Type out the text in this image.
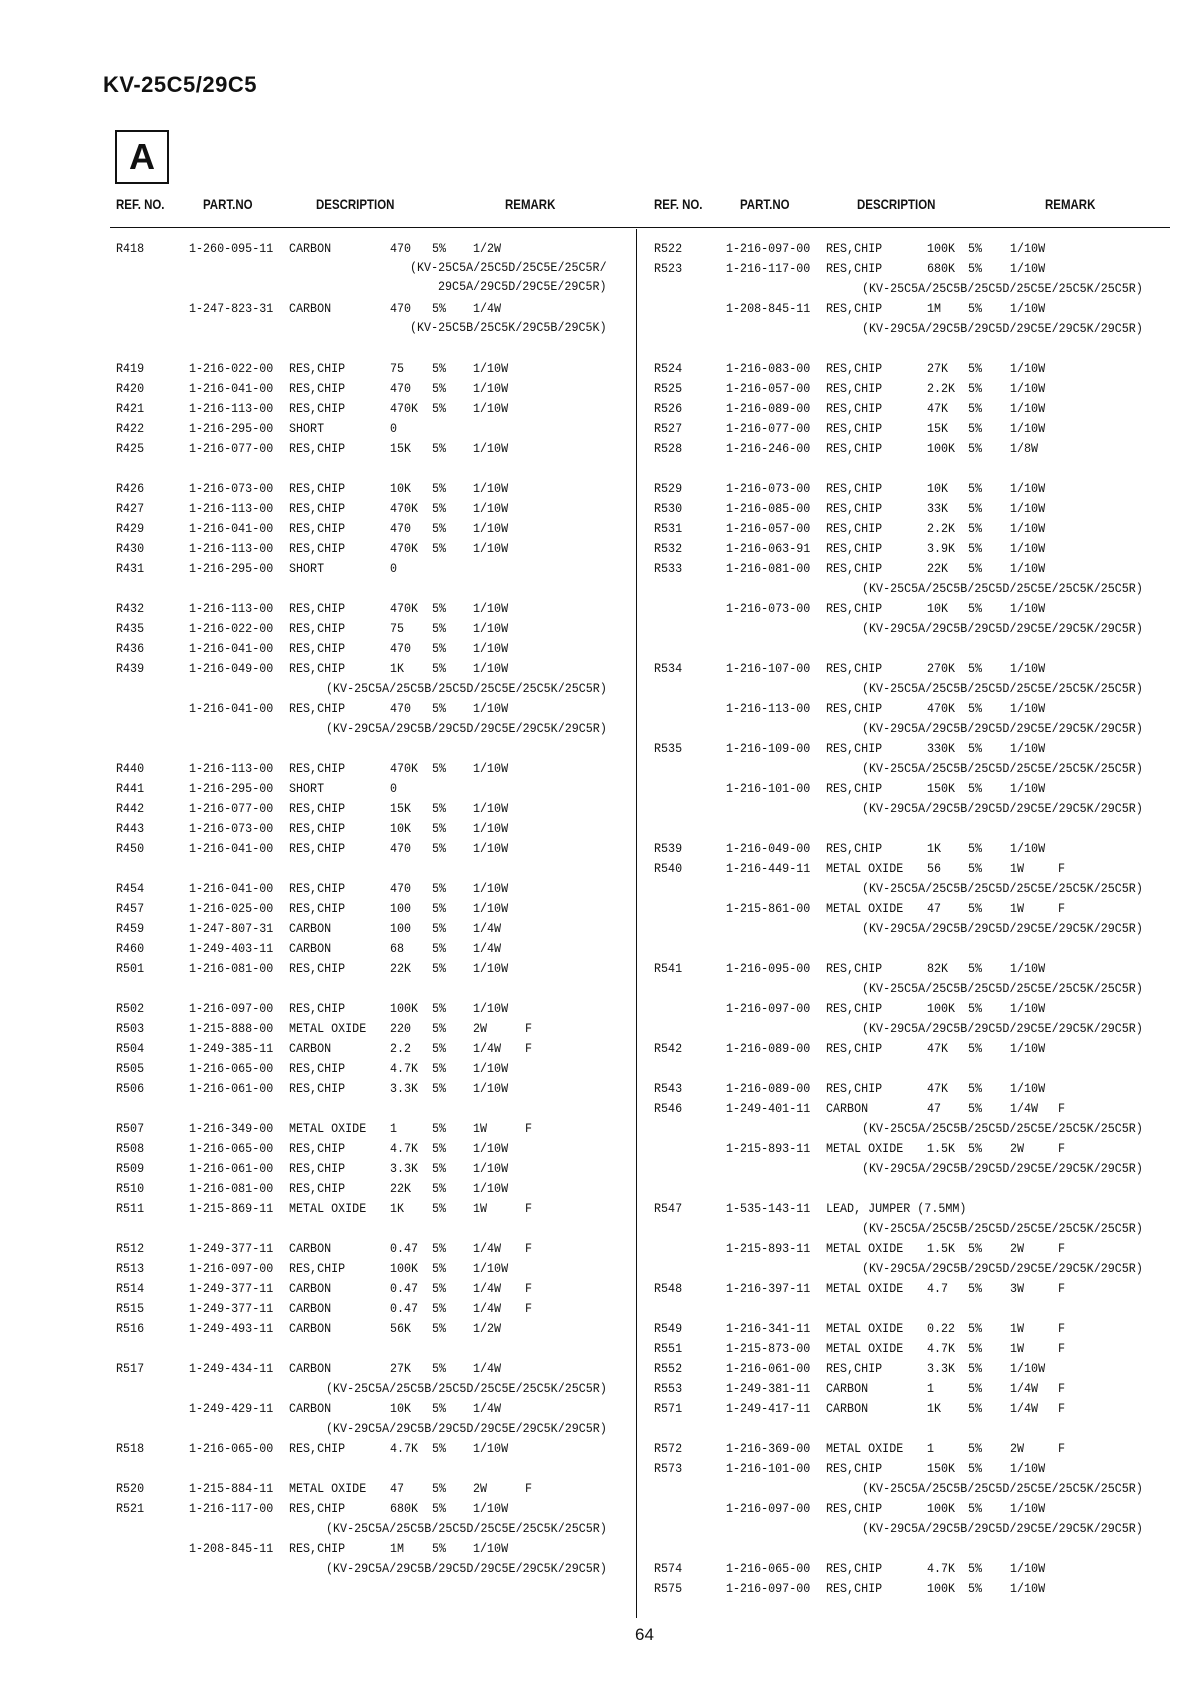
KV-25C5/29C5
A
REF. NO.	PART.NO	DESCRIPTION	REMARK	REF. NO.	PART.NO	DESCRIPTION	REMARK
R418	1-260-095-11 CARBON	470 5% 1/2W
(KV-25C5A/25C5D/25C5E/25C5R/
29C5A/29C5D/29C5E/29C5R)
1-247-823-31 CARBON	470 5% 1/4W
(KV-25C5B/25C5K/29C5B/29C5K)
R419	1-216-022-00 RES,CHIP	75 5% 1/10W
R420	1-216-041-00 RES,CHIP	470 5% 1/10W
R421	1-216-113-00 RES,CHIP	470K 5% 1/10W
R422	1-216-295-00 SHORT	0
R425	1-216-077-00 RES,CHIP	15K 5% 1/10W
R426	1-216-073-00 RES,CHIP	10K 5% 1/10W
R427	1-216-113-00 RES,CHIP	470K 5% 1/10W
R429	1-216-041-00 RES,CHIP	470 5% 1/10W
R430	1-216-113-00 RES,CHIP	470K 5% 1/10W
R431	1-216-295-00 SHORT	0
R432	1-216-113-00 RES,CHIP	470K 5% 1/10W
R435	1-216-022-00 RES,CHIP	75 5% 1/10W
R436	1-216-041-00 RES,CHIP	470 5% 1/10W
R439	1-216-049-00 RES,CHIP	1K 5% 1/10W
(KV-25C5A/25C5B/25C5D/25C5E/25C5K/25C5R)
1-216-041-00 RES,CHIP	470 5% 1/10W
(KV-29C5A/29C5B/29C5D/29C5E/29C5K/29C5R)
R440	1-216-113-00 RES,CHIP	470K 5% 1/10W
R441	1-216-295-00 SHORT	0
R442	1-216-077-00 RES,CHIP	15K 5% 1/10W
R443	1-216-073-00 RES,CHIP	10K 5% 1/10W
R450	1-216-041-00 RES,CHIP	470 5% 1/10W
R454	1-216-041-00 RES,CHIP	470 5% 1/10W
R457	1-216-025-00 RES,CHIP	100 5% 1/10W
R459	1-247-807-31 CARBON	100 5% 1/4W
R460	1-249-403-11 CARBON	68 5% 1/4W
R501	1-216-081-00 RES,CHIP	22K 5% 1/10W
R502	1-216-097-00 RES,CHIP	100K 5% 1/10W
R503	1-215-888-00 METAL OXIDE 220 5% 2W	F
R504	1-249-385-11 CARBON	2.2 5% 1/4W F
R505	1-216-065-00 RES,CHIP	4.7K 5% 1/10W
R506	1-216-061-00 RES,CHIP	3.3K 5% 1/10W
R507	1-216-349-00 METAL OXIDE 1	5% 1W	F
R508	1-216-065-00 RES,CHIP	4.7K 5% 1/10W
R509	1-216-061-00 RES,CHIP	3.3K 5% 1/10W
R510	1-216-081-00 RES,CHIP	22K 5% 1/10W
R511	1-215-869-11 METAL OXIDE 1K 5% 1W	F
R512	1-249-377-11 CARBON	0.47 5% 1/4W F
R513	1-216-097-00 RES,CHIP	100K 5% 1/10W
R514	1-249-377-11 CARBON	0.47 5% 1/4W F
R515	1-249-377-11 CARBON	0.47 5% 1/4W F
R516	1-249-493-11 CARBON	56K 5% 1/2W
R517	1-249-434-11 CARBON	27K 5% 1/4W
(KV-25C5A/25C5B/25C5D/25C5E/25C5K/25C5R)
1-249-429-11 CARBON	10K 5% 1/4W
(KV-29C5A/29C5B/29C5D/29C5E/29C5K/29C5R)
R518	1-216-065-00 RES,CHIP	4.7K 5% 1/10W
R520	1-215-884-11 METAL OXIDE 47 5% 2W	F
R521	1-216-117-00 RES,CHIP	680K 5% 1/10W
(KV-25C5A/25C5B/25C5D/25C5E/25C5K/25C5R)
1-208-845-11 RES,CHIP	1M 5% 1/10W
(KV-29C5A/29C5B/29C5D/29C5E/29C5K/29C5R)
R522	1-216-097-00 RES,CHIP	100K 5% 1/10W
R523	1-216-117-00 RES,CHIP	680K 5% 1/10W
(KV-25C5A/25C5B/25C5D/25C5E/25C5K/25C5R)
1-208-845-11 RES,CHIP	1M 5% 1/10W
(KV-29C5A/29C5B/29C5D/29C5E/29C5K/29C5R)
R524	1-216-083-00 RES,CHIP	27K 5% 1/10W
R525	1-216-057-00 RES,CHIP	2.2K 5% 1/10W
R526	1-216-089-00 RES,CHIP	47K 5% 1/10W
R527	1-216-077-00 RES,CHIP	15K 5% 1/10W
R528	1-216-246-00 RES,CHIP	100K 5% 1/8W
R529	1-216-073-00 RES,CHIP	10K 5% 1/10W
R530	1-216-085-00 RES,CHIP	33K 5% 1/10W
R531	1-216-057-00 RES,CHIP	2.2K 5% 1/10W
R532	1-216-063-91 RES,CHIP	3.9K 5% 1/10W
R533	1-216-081-00 RES,CHIP	22K 5% 1/10W
(KV-25C5A/25C5B/25C5D/25C5E/25C5K/25C5R)
1-216-073-00 RES,CHIP	10K 5% 1/10W
(KV-29C5A/29C5B/29C5D/29C5E/29C5K/29C5R)
R534	1-216-107-00 RES,CHIP	270K 5% 1/10W
(KV-25C5A/25C5B/25C5D/25C5E/25C5K/25C5R)
1-216-113-00 RES,CHIP	470K 5% 1/10W
(KV-29C5A/29C5B/29C5D/29C5E/29C5K/29C5R)
R535	1-216-109-00 RES,CHIP	330K 5% 1/10W
(KV-25C5A/25C5B/25C5D/25C5E/25C5K/25C5R)
1-216-101-00 RES,CHIP	150K 5% 1/10W
(KV-29C5A/29C5B/29C5D/29C5E/29C5K/29C5R)
R539	1-216-049-00 RES,CHIP	1K 5% 1/10W
R540	1-216-449-11 METAL OXIDE 56 5% 1W	F
(KV-25C5A/25C5B/25C5D/25C5E/25C5K/25C5R)
1-215-861-00 METAL OXIDE 47 5% 1W	F
(KV-29C5A/29C5B/29C5D/29C5E/29C5K/29C5R)
R541	1-216-095-00 RES,CHIP	82K 5% 1/10W
(KV-25C5A/25C5B/25C5D/25C5E/25C5K/25C5R)
1-216-097-00 RES,CHIP	100K 5% 1/10W
(KV-29C5A/29C5B/29C5D/29C5E/29C5K/29C5R)
R542	1-216-089-00 RES,CHIP	47K 5% 1/10W
R543	1-216-089-00 RES,CHIP	47K 5% 1/10W
R546	1-249-401-11 CARBON	47 5% 1/4W F
(KV-25C5A/25C5B/25C5D/25C5E/25C5K/25C5R)
1-215-893-11 METAL OXIDE 1.5K 5% 2W	F
(KV-29C5A/29C5B/29C5D/29C5E/29C5K/29C5R)
R547	1-535-143-11 LEAD, JUMPER (7.5MM)
(KV-25C5A/25C5B/25C5D/25C5E/25C5K/25C5R)
1-215-893-11 METAL OXIDE 1.5K 5% 2W	F
(KV-29C5A/29C5B/29C5D/29C5E/29C5K/29C5R)
R548	1-216-397-11 METAL OXIDE 4.7 5% 3W	F
R549	1-216-341-11 METAL OXIDE 0.22 5% 1W	F
R551	1-215-873-00 METAL OXIDE 4.7K 5% 1W	F
R552	1-216-061-00 RES,CHIP	3.3K 5% 1/10W
R553	1-249-381-11 CARBON	1	5% 1/4W F
R571	1-249-417-11 CARBON	1K 5% 1/4W F
R572	1-216-369-00 METAL OXIDE 1	5% 2W	F
R573	1-216-101-00 RES,CHIP	150K 5% 1/10W
(KV-25C5A/25C5B/25C5D/25C5E/25C5K/25C5R)
1-216-097-00 RES,CHIP	100K 5% 1/10W
(KV-29C5A/29C5B/29C5D/29C5E/29C5K/29C5R)
R574	1-216-065-00 RES,CHIP	4.7K 5% 1/10W
R575	1-216-097-00 RES,CHIP	100K 5% 1/10W
64
